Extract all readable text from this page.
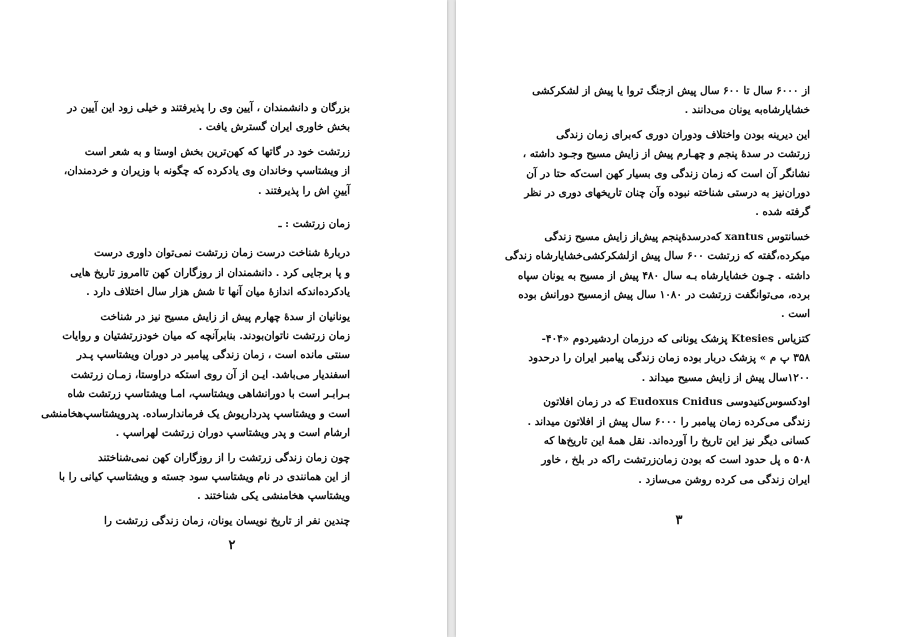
بزرگان و دانشمندان ، آیین وی را پذیرفتند و خیلی زود این آیین در
بخش خاوری ایران گسترش یافت .
زرتشت خود در گاتها که کهن‌ترین بخش اوستا و به شعر است
از ویشتاسپ وخاندان وی یادکرده که چگونه با وزیران و خردمندان،
آیینِ اش را پذیرفتند .
زمان زرتشت : ـ
دربارهٔ شناخت درست زمان زرتشت نمی‌توان داوری درست
و پا برجایی کرد . دانشمندان از روزگاران کهن تاامروز تاریخ هایی
یادکرده‌اندکه اندازهٔ میان آنها تا شش هزار سال اختلاف دارد .
یونانیان از سدهٔ چهارم پیش از زایش مسیح نیز در شناخت
زمان زرتشت ناتوان‌بودند. بنابرآنچه که میان خودزرتشتیان و روایات
سنتی مانده است ، زمان زندگی پیامبر در دوران ویشتاسپ پـدر
اسفندیار می‌باشد. ایـن از آن روی استکه دراوستا، زمـان زرتشت
بـرابـر است با دورانشاهی ویشتاسپ، امـا ویشتاسپ زرتشت شاه
است و ویشتاسپ پدرداریوش یک فرماندارساده. پدرویشتاسپ‌هخامنشی
ارشام است و پدر ویشتاسپ دوران زرتشت لهراسپ .
چون زمان زندگی زرتشت را از روزگاران کهن نمی‌شناختند
از این همانندی در نام ویشتاسپ سود جسته و ویشتاسپ کیانی را با
ویشتاسپ هخامنشی یکی شناختند .
چندین نفر از تاریخ نویسان یونان، زمان زندگی زرتشت را
۲
از ۶۰۰۰ سال تا ۶۰۰ سال پیش ازجنگ تروا یا پیش از لشکرکشی
خشایارشاه‌به یونان می‌دانند .
این دیرینه بودن واختلاف ودوران دوری که‌برای زمان زندگی
زرتشت در سدهٔ پنجم و چهـارم پیش از زایش مسیح وجـود داشته ،
نشانگر آن است که زمان زندگی وی بسیار کهن است‌که حتا در آن
دوران‌نیز به درستی شناخته نبوده وآن چنان تاریخهای دوری در نظر
گرفته شده .
خسانتوس xantus که‌درسدهٔ‌پنجم پیش‌از زایش مسیح زندگی
میکرده،گفته که زرتشت ۶۰۰ سال پیش ازلشکرکشی‌خشایارشاه زندگی
داشته . چـون خشایارشاه بـه سال ۴۸۰ پیش از مسیح به یونان سپاه
برده، می‌توانگفت زرتشت در ۱۰۸۰ سال پیش ازمسیح دورانش بوده
است .
کتزیاس Ktesies پزشک یونانی که درزمان اردشیردوم «۴۰۴-
۳۵۸ پ م » پزشک دربار بوده زمان زندگی پیامبر ایران را درحدود
۱۲۰۰سال پیش از زایش مسیح میداند .
اودکسوس‌کنیدوسی Eudoxus Cnidus که در زمان افلاتون
زندگی می‌کرده زمان پیامبر را ۶۰۰۰ سال پیش از افلاتون میداند .
کسانی دیگر نیز این تاریخ را آورده‌اند. نقل همهٔ این تاریخ‌ها که
۵۰۸ ه پل حدود است که بودن زمان‌زرتشت راکه در بلخ ، خاور
ایران زندگی می کرده روشن می‌سازد .
۳
